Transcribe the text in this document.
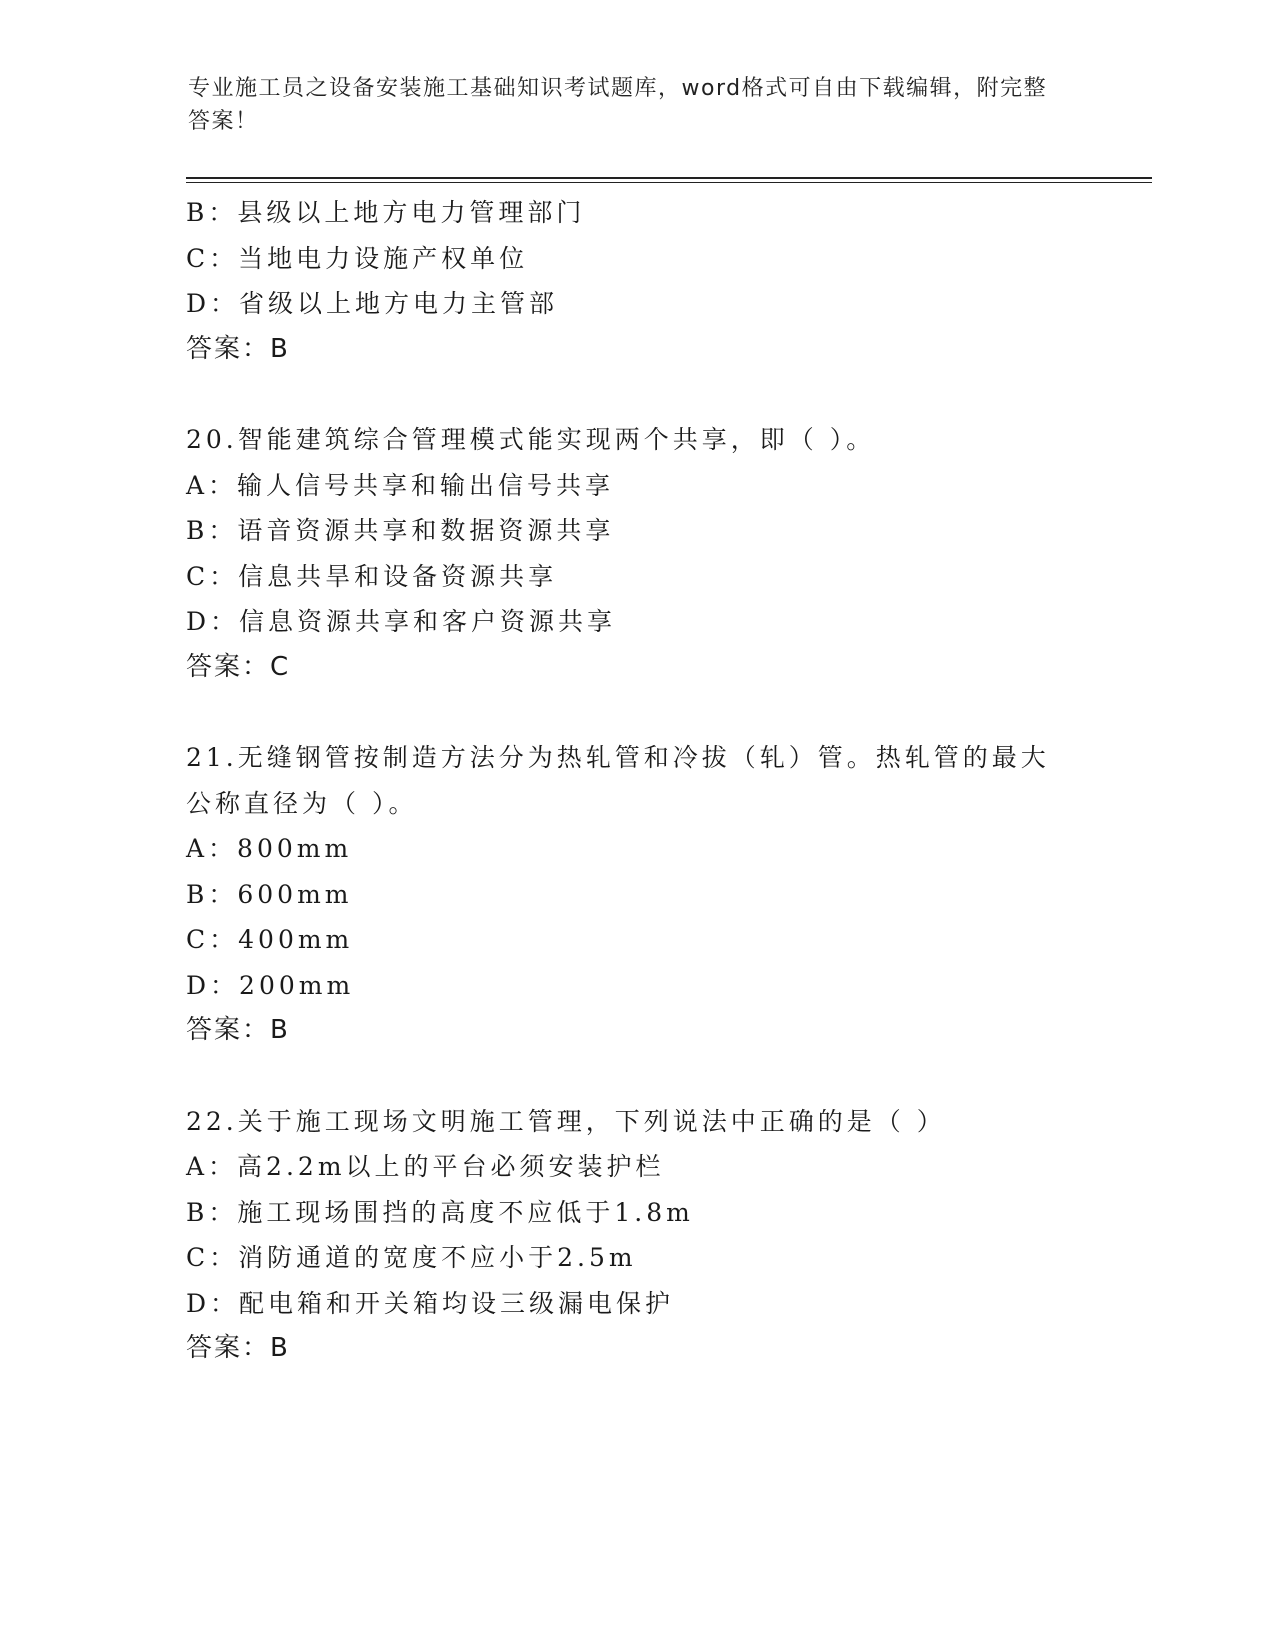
专业施工员之设备安装施工基础知识考试题库，word格式可自由下载编辑，附完整答案！
B：县级以上地方电力管理部门
C：当地电力设施产权单位
D：省级以上地方电力主管部
答案：B
20.智能建筑综合管理模式能实现两个共享，即（ ）。
A：输人信号共享和输出信号共享
B：语音资源共享和数据资源共享
C：信息共旱和设备资源共享
D：信息资源共享和客户资源共享
答案：C
21.无缝钢管按制造方法分为热轧管和冷拔（轧）管。热轧管的最大公称直径为（ ）。
A：800mm
B：600mm
C：400mm
D：200mm
答案：B
22.关于施工现场文明施工管理，下列说法中正确的是（ ）
A：高2.2m以上的平台必须安装护栏
B：施工现场围挡的高度不应低于1.8m
C：消防通道的宽度不应小于2.5m
D：配电箱和开关箱均设三级漏电保护
答案：B
